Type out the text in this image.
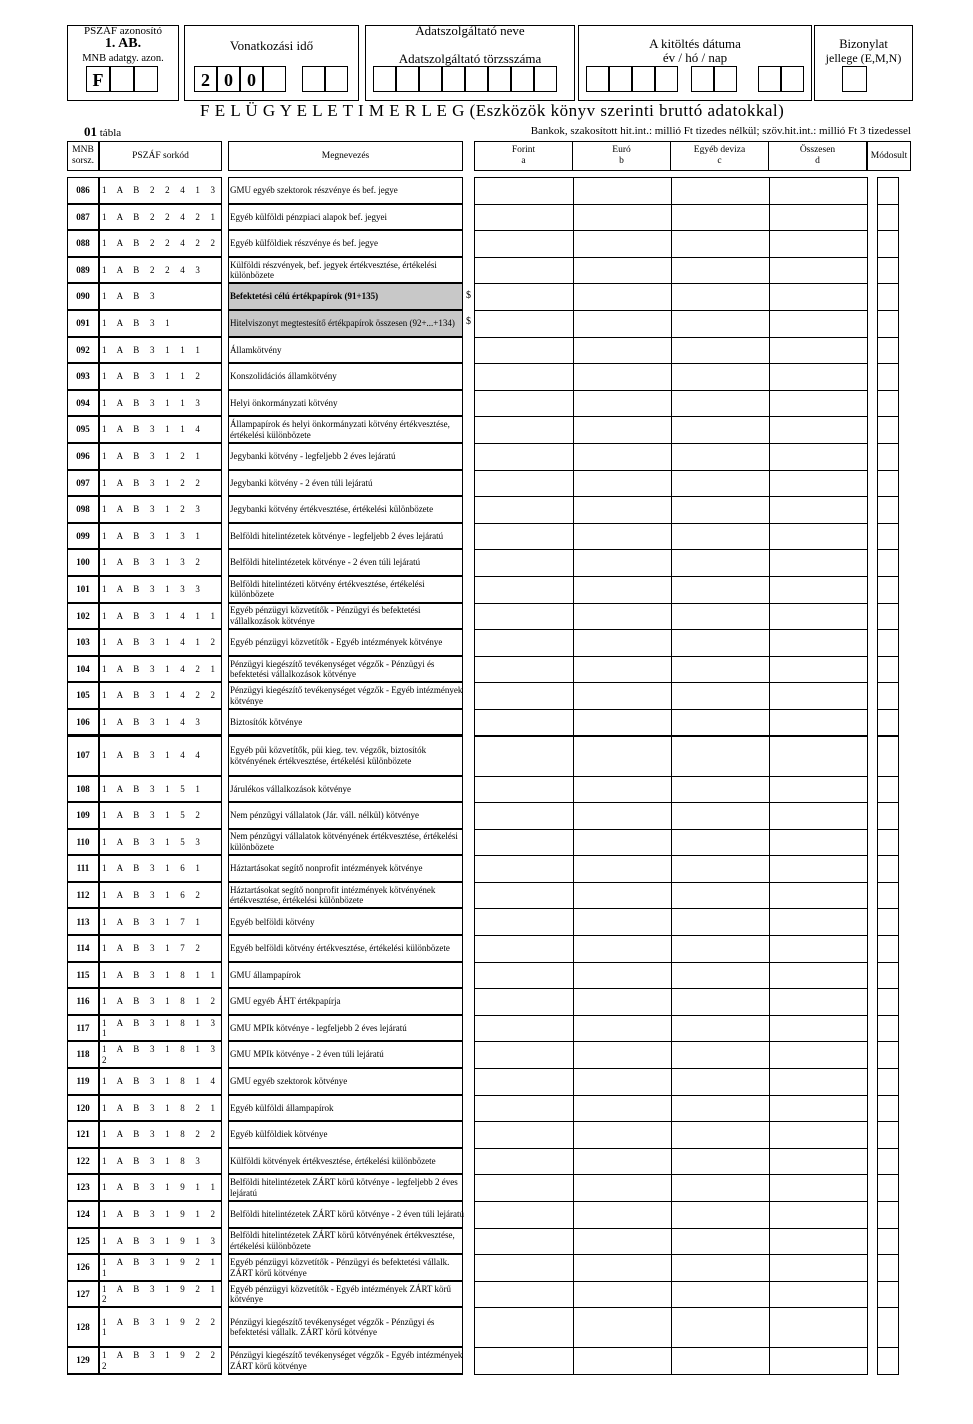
PSZÁF azonosító
1. AB.
MNB adatgy. azon.
F
Vonatkozási idő
2 0 0
Adatszolgáltató neve
Adatszolgáltató törzsszáma
A kitöltés dátuma
év / hó / nap
Bizonylat
jellege (E,M,N)
F E L Ü G Y E L E T I M E R L E G (Eszközök könyv szerinti bruttó adatokkal)
01 tábla	Bankok, szakosított hit.int.: millió Ft tizedes nélkül; szöv.hit.int.: millió Ft 3 tizedessel
MNB
sorsz.
PSZÁF sorkód	Megnevezés
Forint
a
Euró
b
Egyéb deviza
c
Összesen
d
Módosult
086	1 A B 2 2 4 1 3	GMU egyéb szektorok részvénye és bef. jegye
087	1 A B 2 2 4 2 1	Egyéb külföldi pénzpiaci alapok bef. jegyei
088	1 A B 2 2 4 2 2	Egyéb külföldiek részvénye és bef. jegye
089	1 A B 2 2 4 3
Külföldi részvények, bef. jegyek értékvesztése, értékelési különbözete
090	1 A B 3	Befektetési célú értékpapírok (91+135)	$
091	1 A B 3 1	Hitelviszonyt megtestesítő értékpapírok összesen (92+...+134)	$
092	1 A B 3 1 1 1	Államkötvény
093	1 A B 3 1 1 2	Konszolidációs államkötvény
094	1 A B 3 1 1 3	Helyi önkormányzati kötvény
095	1 A B 3 1 1 4
Állampapírok és helyi önkormányzati kötvény értékvesztése, értékelési különbözete
096	1 A B 3 1 2 1	Jegybanki kötvény - legfeljebb 2 éves lejáratú
097	1 A B 3 1 2 2	Jegybanki kötvény - 2 éven túli lejáratú
098	1 A B 3 1 2 3	Jegybanki kötvény értékvesztése, értékelési különbözete
099	1 A B 3 1 3 1	Belföldi hitelintézetek kötvénye - legfeljebb 2 éves lejáratú
100	1 A B 3 1 3 2	Belföldi hitelintézetek kötvénye - 2 éven túli lejáratú
101	1 A B 3 1 3 3
Belföldi hitelintézeti kötvény értékvesztése, értékelési különbözete
102	1 A B 3 1 4 1 1
Egyéb pénzügyi közvetítők - Pénzügyi és befektetési vállalkozások kötvénye
103	1 A B 3 1 4 1 2	Egyéb pénzügyi közvetítők - Egyéb intézmények kötvénye
104	1 A B 3 1 4 2 1
Pénzügyi kiegészítő tevékenységet végzők - Pénzügyi és befektetési vállalkozások kötvénye
105	1 A B 3 1 4 2 2
Pénzügyi kiegészítő tevékenységet végzők - Egyéb intézmények kötvénye
106	1 A B 3 1 4 3	Biztosítók kötvénye
107	1 A B 3 1 4 4
Egyéb püi közvetítők, püi kieg. tev. végzők, biztosítók kötvényének értékvesztése, értékelési különbözete
108	1 A B 3 1 5 1	Járulékos vállalkozások kötvénye
109	1 A B 3 1 5 2	Nem pénzügyi vállalatok (Jár. váll. nélkül) kötvénye
110	1 A B 3 1 5 3
Nem pénzügyi vállalatok kötvényének értékvesztése, értékelési különbözete
111	1 A B 3 1 6 1	Háztartásokat segítő nonprofit intézmények kötvénye
112	1 A B 3 1 6 2
Háztartásokat segítő nonprofit intézmények kötvényének értékvesztése, értékelési különbözete
113	1 A B 3 1 7 1	Egyéb belföldi kötvény
114	1 A B 3 1 7 2	Egyéb belföldi kötvény értékvesztése, értékelési különbözete
115	1 A B 3 1 8 1 1	GMU állampapírok
116	1 A B 3 1 8 1 2	GMU egyéb ÁHT értékpapírja
117
1 A B 3 1 8 1 3 1
GMU MPIk kötvénye - legfeljebb 2 éves lejáratú
118
1 A B 3 1 8 1 3 2
GMU MPIk kötvénye - 2 éven túli lejáratú
119	1 A B 3 1 8 1 4	GMU egyéb szektorok kötvénye
120	1 A B 3 1 8 2 1	Egyéb külföldi állampapírok
121	1 A B 3 1 8 2 2	Egyéb külföldiek kötvénye
122	1 A B 3 1 8 3	Külföldi kötvények értékvesztése, értékelési különbözete
123	1 A B 3 1 9 1 1
Belföldi hitelintézetek ZÁRT körű kötvénye - legfeljebb 2 éves lejáratú
124	1 A B 3 1 9 1 2	Belföldi hitelintézetek ZÁRT körű kötvénye - 2 éven túli lejáratú
125	1 A B 3 1 9 1 3
Belföldi hitelintézetek ZÁRT körű kötvényének értékvesztése, értékelési különbözete
126
1 A B 3 1 9 2 1 1
Egyéb pénzügyi közvetítők - Pénzügyi és befektetési vállalk. ZÁRT körű kötvénye
127
1 A B 3 1 9 2 1 2
Egyéb pénzügyi közvetítők - Egyéb intézmények ZÁRT körű kötvénye
128
1 A B 3 1 9 2 2 1
Pénzügyi kiegészítő tevékenységet végzők - Pénzügyi és befektetési vállalk. ZÁRT körű kötvénye
129
1 A B 3 1 9 2 2 2
Pénzügyi kiegészítő tevékenységet végzők - Egyéb intézmények ZÁRT körű kötvénye
